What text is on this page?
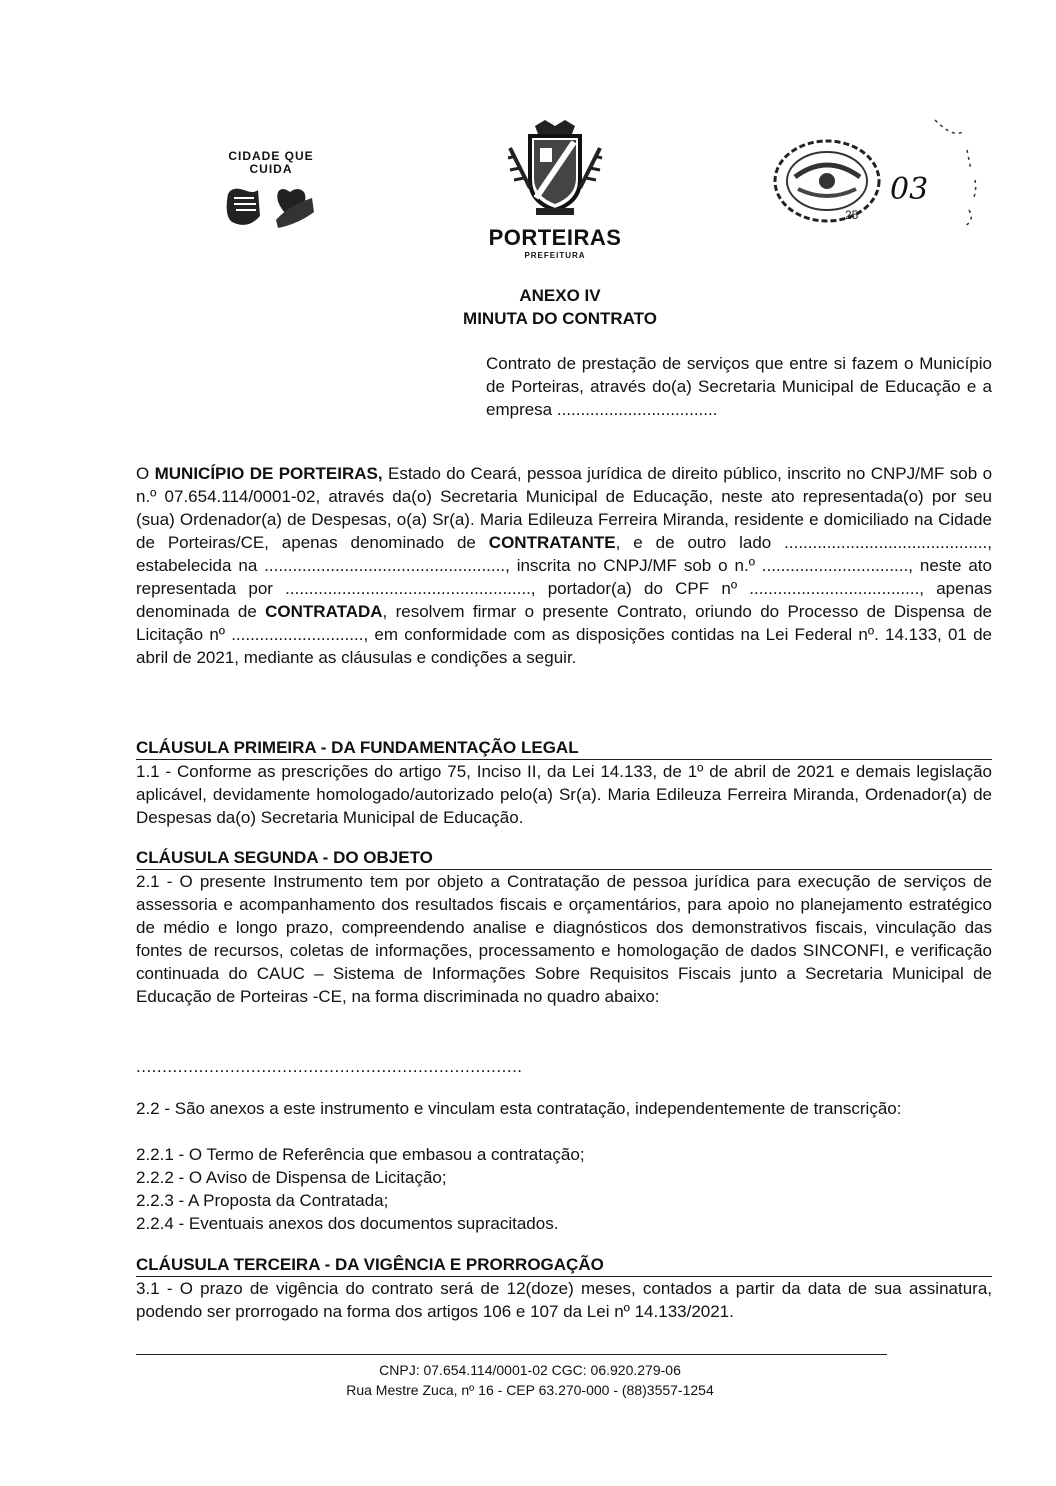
CIDADE QUE CUIDA
PORTEIRAS
PREFEITURA
25
03
ANEXO IV
MINUTA DO CONTRATO
Contrato de prestação de serviços que entre si fazem o Município de Porteiras, através do(a) Secretaria Municipal de Educação e a empresa ..................................
O MUNICÍPIO DE PORTEIRAS, Estado do Ceará, pessoa jurídica de direito público, inscrito no CNPJ/MF sob o n.º 07.654.114/0001-02, através da(o) Secretaria Municipal de Educação, neste ato representada(o) por seu (sua) Ordenador(a) de Despesas, o(a) Sr(a). Maria Edileuza Ferreira Miranda, residente e domiciliado na Cidade de Porteiras/CE, apenas denominado de CONTRATANTE, e de outro lado ..........................................., estabelecida na ..................................................., inscrita no CNPJ/MF sob o n.º ..............................., neste ato representada por ...................................................., portador(a) do CPF nº ...................................., apenas denominada de CONTRATADA, resolvem firmar o presente Contrato, oriundo do Processo de Dispensa de Licitação nº ............................, em conformidade com as disposições contidas na Lei Federal nº. 14.133, 01 de abril de 2021, mediante as cláusulas e condições a seguir.
CLÁUSULA PRIMEIRA - DA FUNDAMENTAÇÃO LEGAL
1.1 - Conforme as prescrições do artigo 75, Inciso II, da Lei 14.133, de 1º de abril de 2021 e demais legislação aplicável, devidamente homologado/autorizado pelo(a) Sr(a). Maria Edileuza Ferreira Miranda, Ordenador(a) de Despesas da(o) Secretaria Municipal de Educação.
CLÁUSULA SEGUNDA - DO OBJETO
2.1 - O presente Instrumento tem por objeto a Contratação de pessoa jurídica para execução de serviços de assessoria e acompanhamento dos resultados fiscais e orçamentários, para apoio no planejamento estratégico de médio e longo prazo, compreendendo analise e diagnósticos dos demonstrativos fiscais, vinculação das fontes de recursos, coletas de informações, processamento e homologação de dados SINCONFI, e verificação continuada do CAUC – Sistema de Informações Sobre Requisitos Fiscais junto a Secretaria Municipal de Educação de Porteiras -CE, na forma discriminada no quadro abaixo:
..........................................................................
2.2 - São anexos a este instrumento e vinculam esta contratação, independentemente de transcrição:
2.2.1 - O Termo de Referência que embasou a contratação;
2.2.2 - O Aviso de Dispensa de Licitação;
2.2.3 - A Proposta da Contratada;
2.2.4 - Eventuais anexos dos documentos supracitados.
CLÁUSULA TERCEIRA - DA VIGÊNCIA E PRORROGAÇÃO
3.1 - O prazo de vigência do contrato será de 12(doze) meses, contados a partir da data de sua assinatura, podendo ser prorrogado na forma dos artigos 106 e 107 da Lei nº 14.133/2021.
CNPJ: 07.654.114/0001-02 CGC: 06.920.279-06
Rua Mestre Zuca, nº 16 - CEP 63.270-000 - (88)3557-1254
